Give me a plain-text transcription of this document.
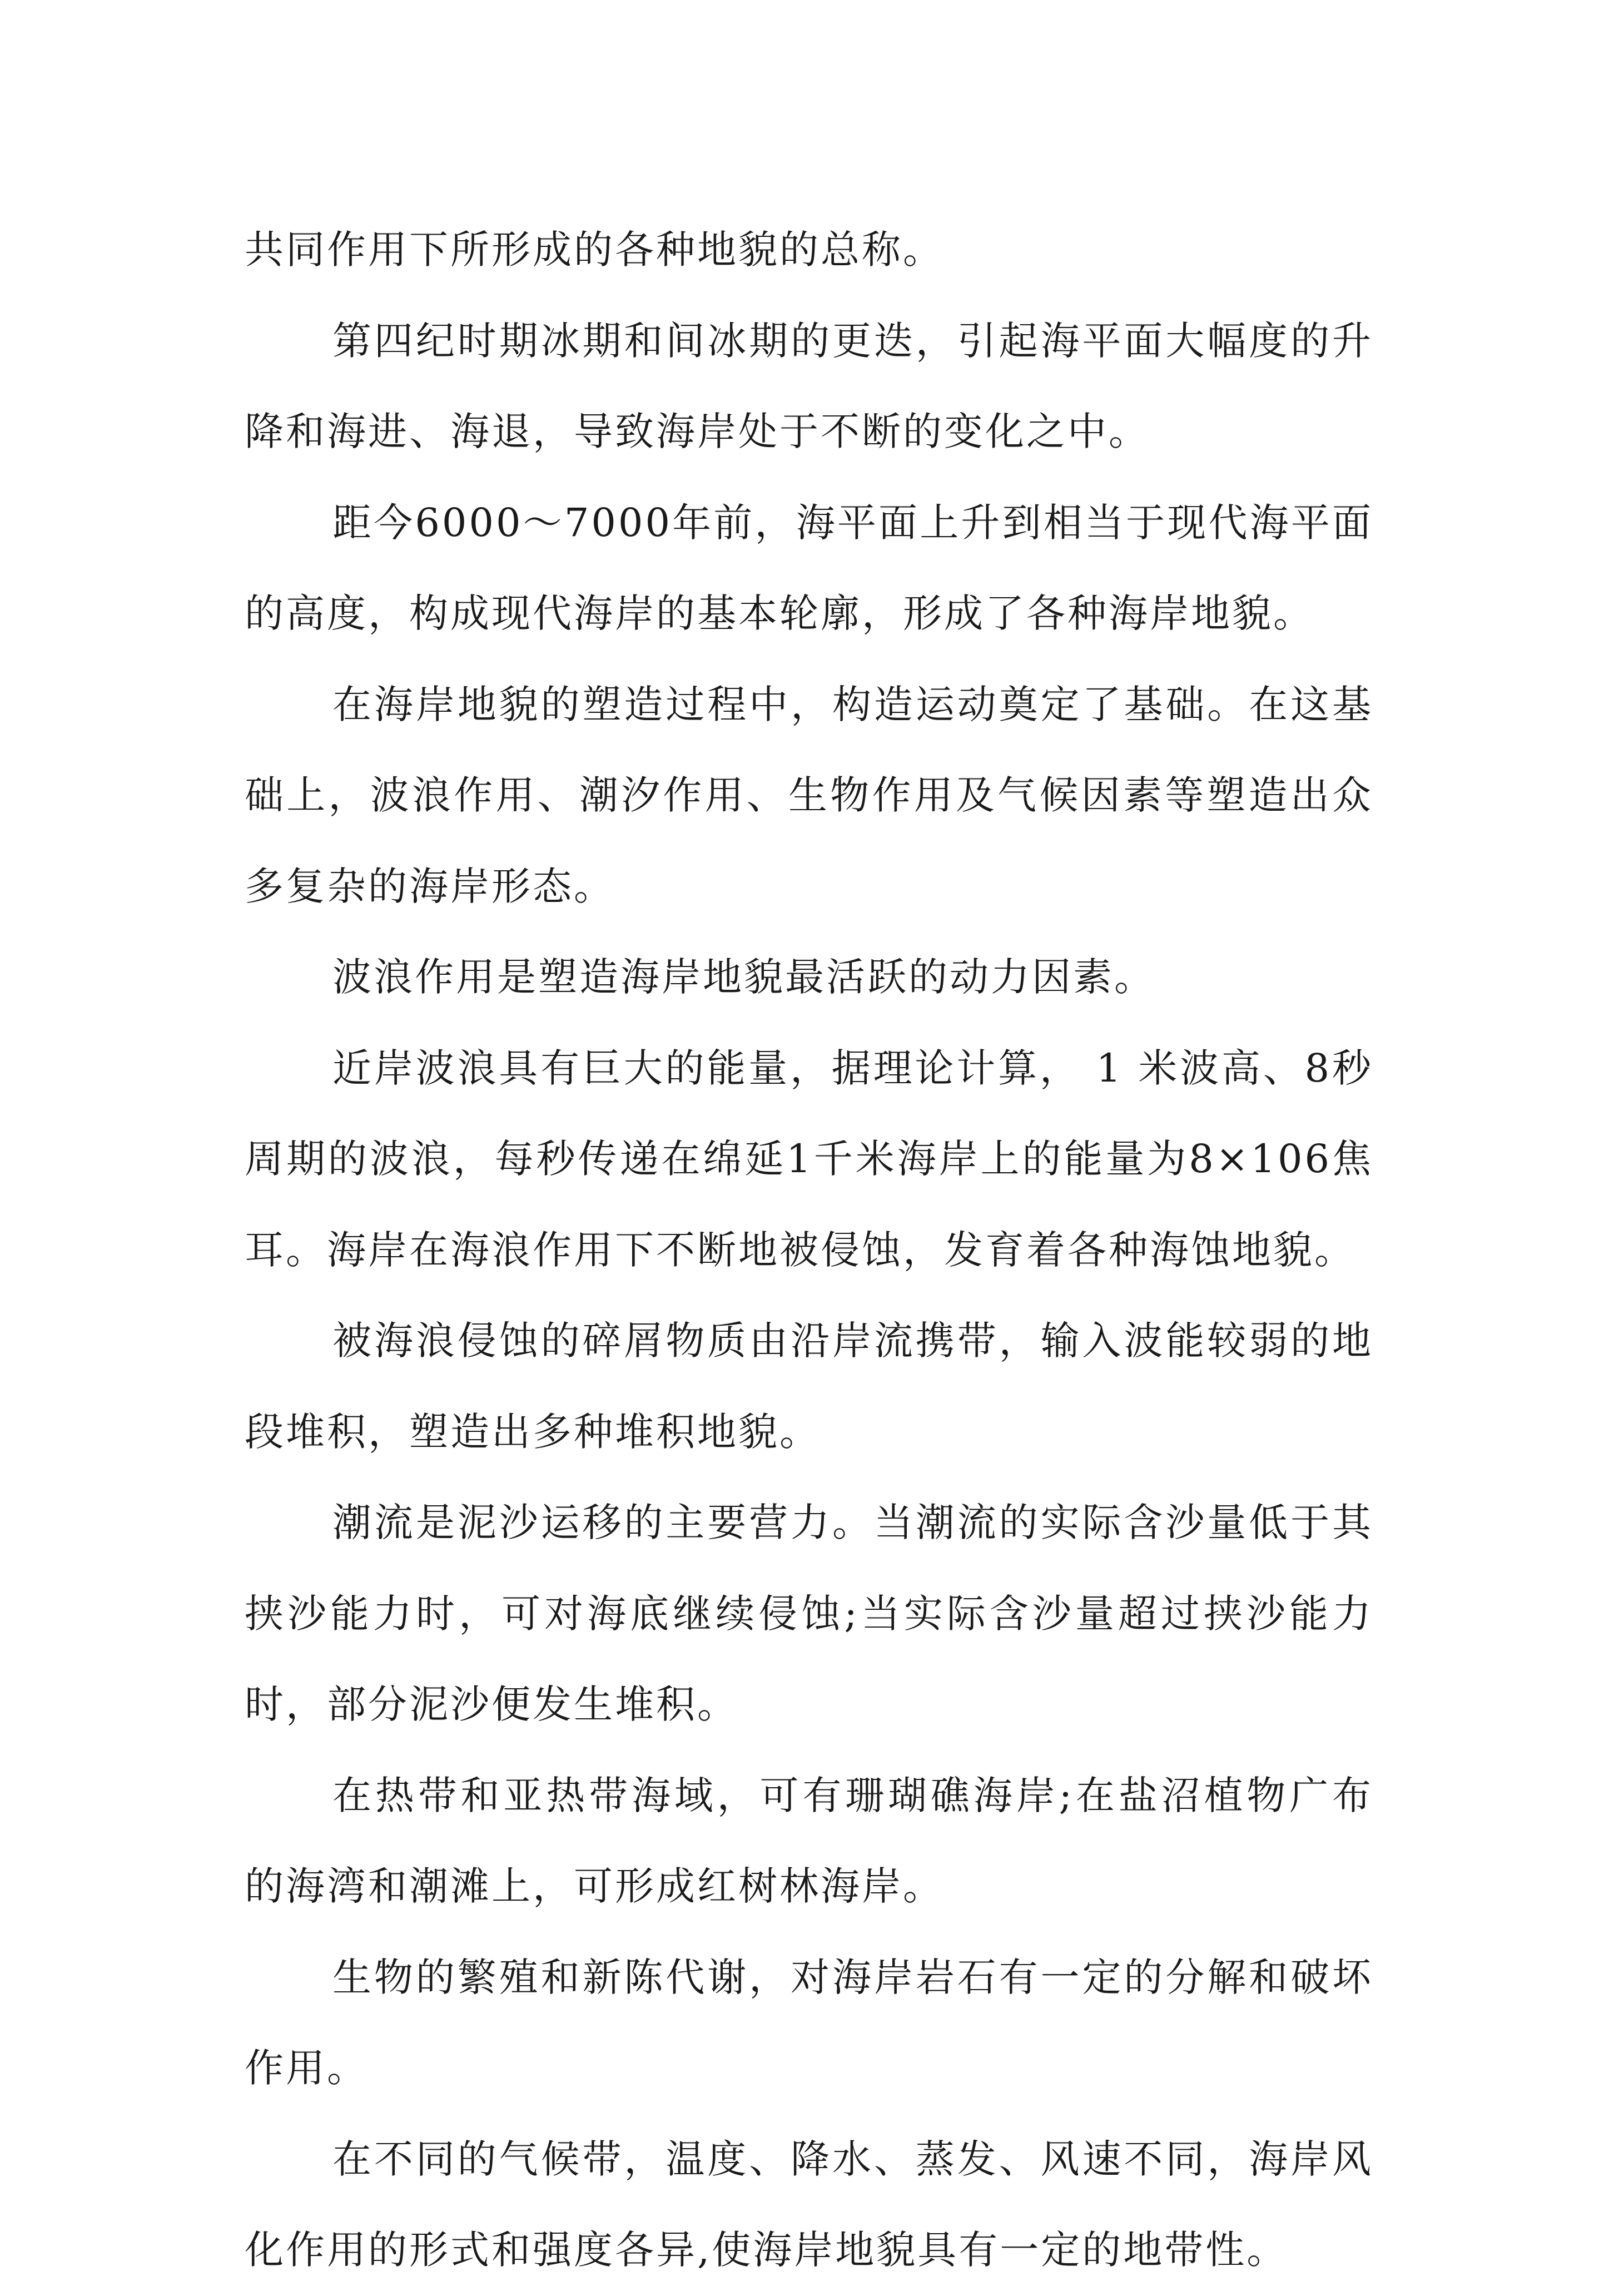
共同作用下所形成的各种地貌的总称。

第四纪时期冰期和间冰期的更迭，引起海平面大幅度的升降和海进、海退，导致海岸处于不断的变化之中。

距今6000～7000年前，海平面上升到相当于现代海平面的高度，构成现代海岸的基本轮廓，形成了各种海岸地貌。

在海岸地貌的塑造过程中，构造运动奠定了基础。在这基础上，波浪作用、潮汐作用、生物作用及气候因素等塑造出众多复杂的海岸形态。

波浪作用是塑造海岸地貌最活跃的动力因素。

近岸波浪具有巨大的能量，据理论计算， 1 米波高、8秒周期的波浪，每秒传递在绵延1千米海岸上的能量为8×106焦耳。海岸在海浪作用下不断地被侵蚀，发育着各种海蚀地貌。

被海浪侵蚀的碎屑物质由沿岸流携带，输入波能较弱的地段堆积，塑造出多种堆积地貌。

潮流是泥沙运移的主要营力。当潮流的实际含沙量低于其挟沙能力时，可对海底继续侵蚀;当实际含沙量超过挟沙能力时，部分泥沙便发生堆积。

在热带和亚热带海域，可有珊瑚礁海岸;在盐沼植物广布的海湾和潮滩上，可形成红树林海岸。

生物的繁殖和新陈代谢，对海岸岩石有一定的分解和破坏作用。

在不同的气候带，温度、降水、蒸发、风速不同，海岸风化作用的形式和强度各异,使海岸地貌具有一定的地带性。
